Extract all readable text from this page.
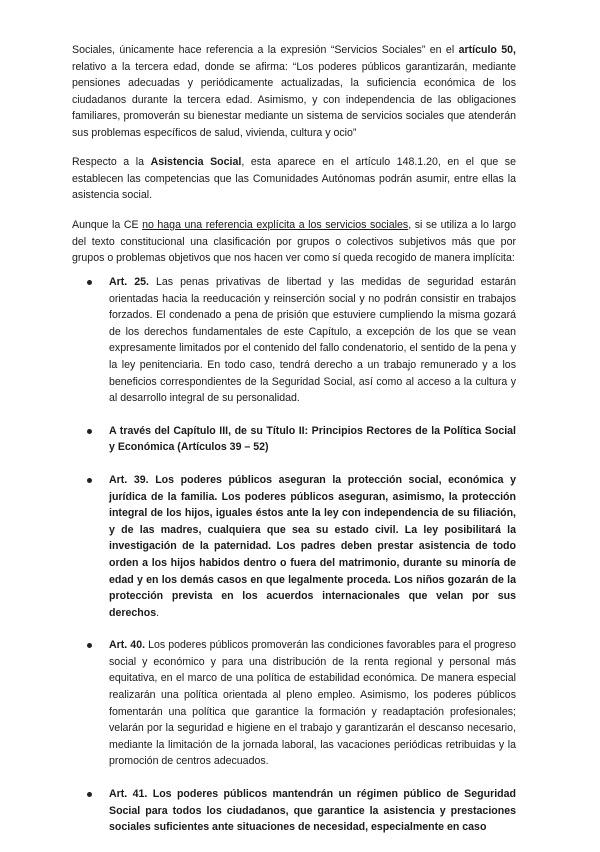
Sociales, únicamente hace referencia a la expresión “Servicios Sociales” en el artículo 50, relativo a la tercera edad, donde se afirma: “Los poderes públicos garantizarán, mediante pensiones adecuadas y periódicamente actualizadas, la suficiencia económica de los ciudadanos durante la tercera edad. Asimismo, y con independencia de las obligaciones familiares, promoverán su bienestar mediante un sistema de servicios sociales que atenderán sus problemas específicos de salud, vivienda, cultura y ocio”

Respecto a la Asistencia Social, esta aparece en el artículo 148.1.20, en el que se establecen las competencias que las Comunidades Autónomas podrán asumir, entre ellas la asistencia social.

Aunque la CE no haga una referencia explícita a los servicios sociales, si se utiliza a lo largo del texto constitucional una clasificación por grupos o colectivos subjetivos más que por grupos o problemas objetivos que nos hacen ver como sí queda recogido de manera implícita:

Art. 25. Las penas privativas de libertad y las medidas de seguridad estarán orientadas hacia la reeducación y reinserción social y no podrán consistir en trabajos forzados. El condenado a pena de prisión que estuviere cumpliendo la misma gozará de los derechos fundamentales de este Capítulo, a excepción de los que se vean expresamente limitados por el contenido del fallo condenatorio, el sentido de la pena y la ley penitenciaria. En todo caso, tendrá derecho a un trabajo remunerado y a los beneficios correspondientes de la Seguridad Social, así como al acceso a la cultura y al desarrollo integral de su personalidad.
A través del Capítulo III, de su Título II: Principios Rectores de la Política Social y Económica (Artículos 39 – 52)
Art. 39. Los poderes públicos aseguran la protección social, económica y jurídica de la familia. Los poderes públicos aseguran, asimismo, la protección integral de los hijos, iguales éstos ante la ley con independencia de su filiación, y de las madres, cualquiera que sea su estado civil. La ley posibilitará la investigación de la paternidad. Los padres deben prestar asistencia de todo orden a los hijos habidos dentro o fuera del matrimonio, durante su minoría de edad y en los demás casos en que legalmente proceda. Los niños gozarán de la protección prevista en los acuerdos internacionales que velan por sus derechos.
Art. 40. Los poderes públicos promoverán las condiciones favorables para el progreso social y económico y para una distribución de la renta regional y personal más equitativa, en el marco de una política de estabilidad económica. De manera especial realizarán una política orientada al pleno empleo. Asimismo, los poderes públicos fomentarán una política que garantice la formación y readaptación profesionales; velarán por la seguridad e higiene en el trabajo y garantizarán el descanso necesario, mediante la limitación de la jornada laboral, las vacaciones periódicas retribuidas y la promoción de centros adecuados.
Art. 41. Los poderes públicos mantendrán un régimen público de Seguridad Social para todos los ciudadanos, que garantice la asistencia y prestaciones sociales suficientes ante situaciones de necesidad, especialmente en caso
